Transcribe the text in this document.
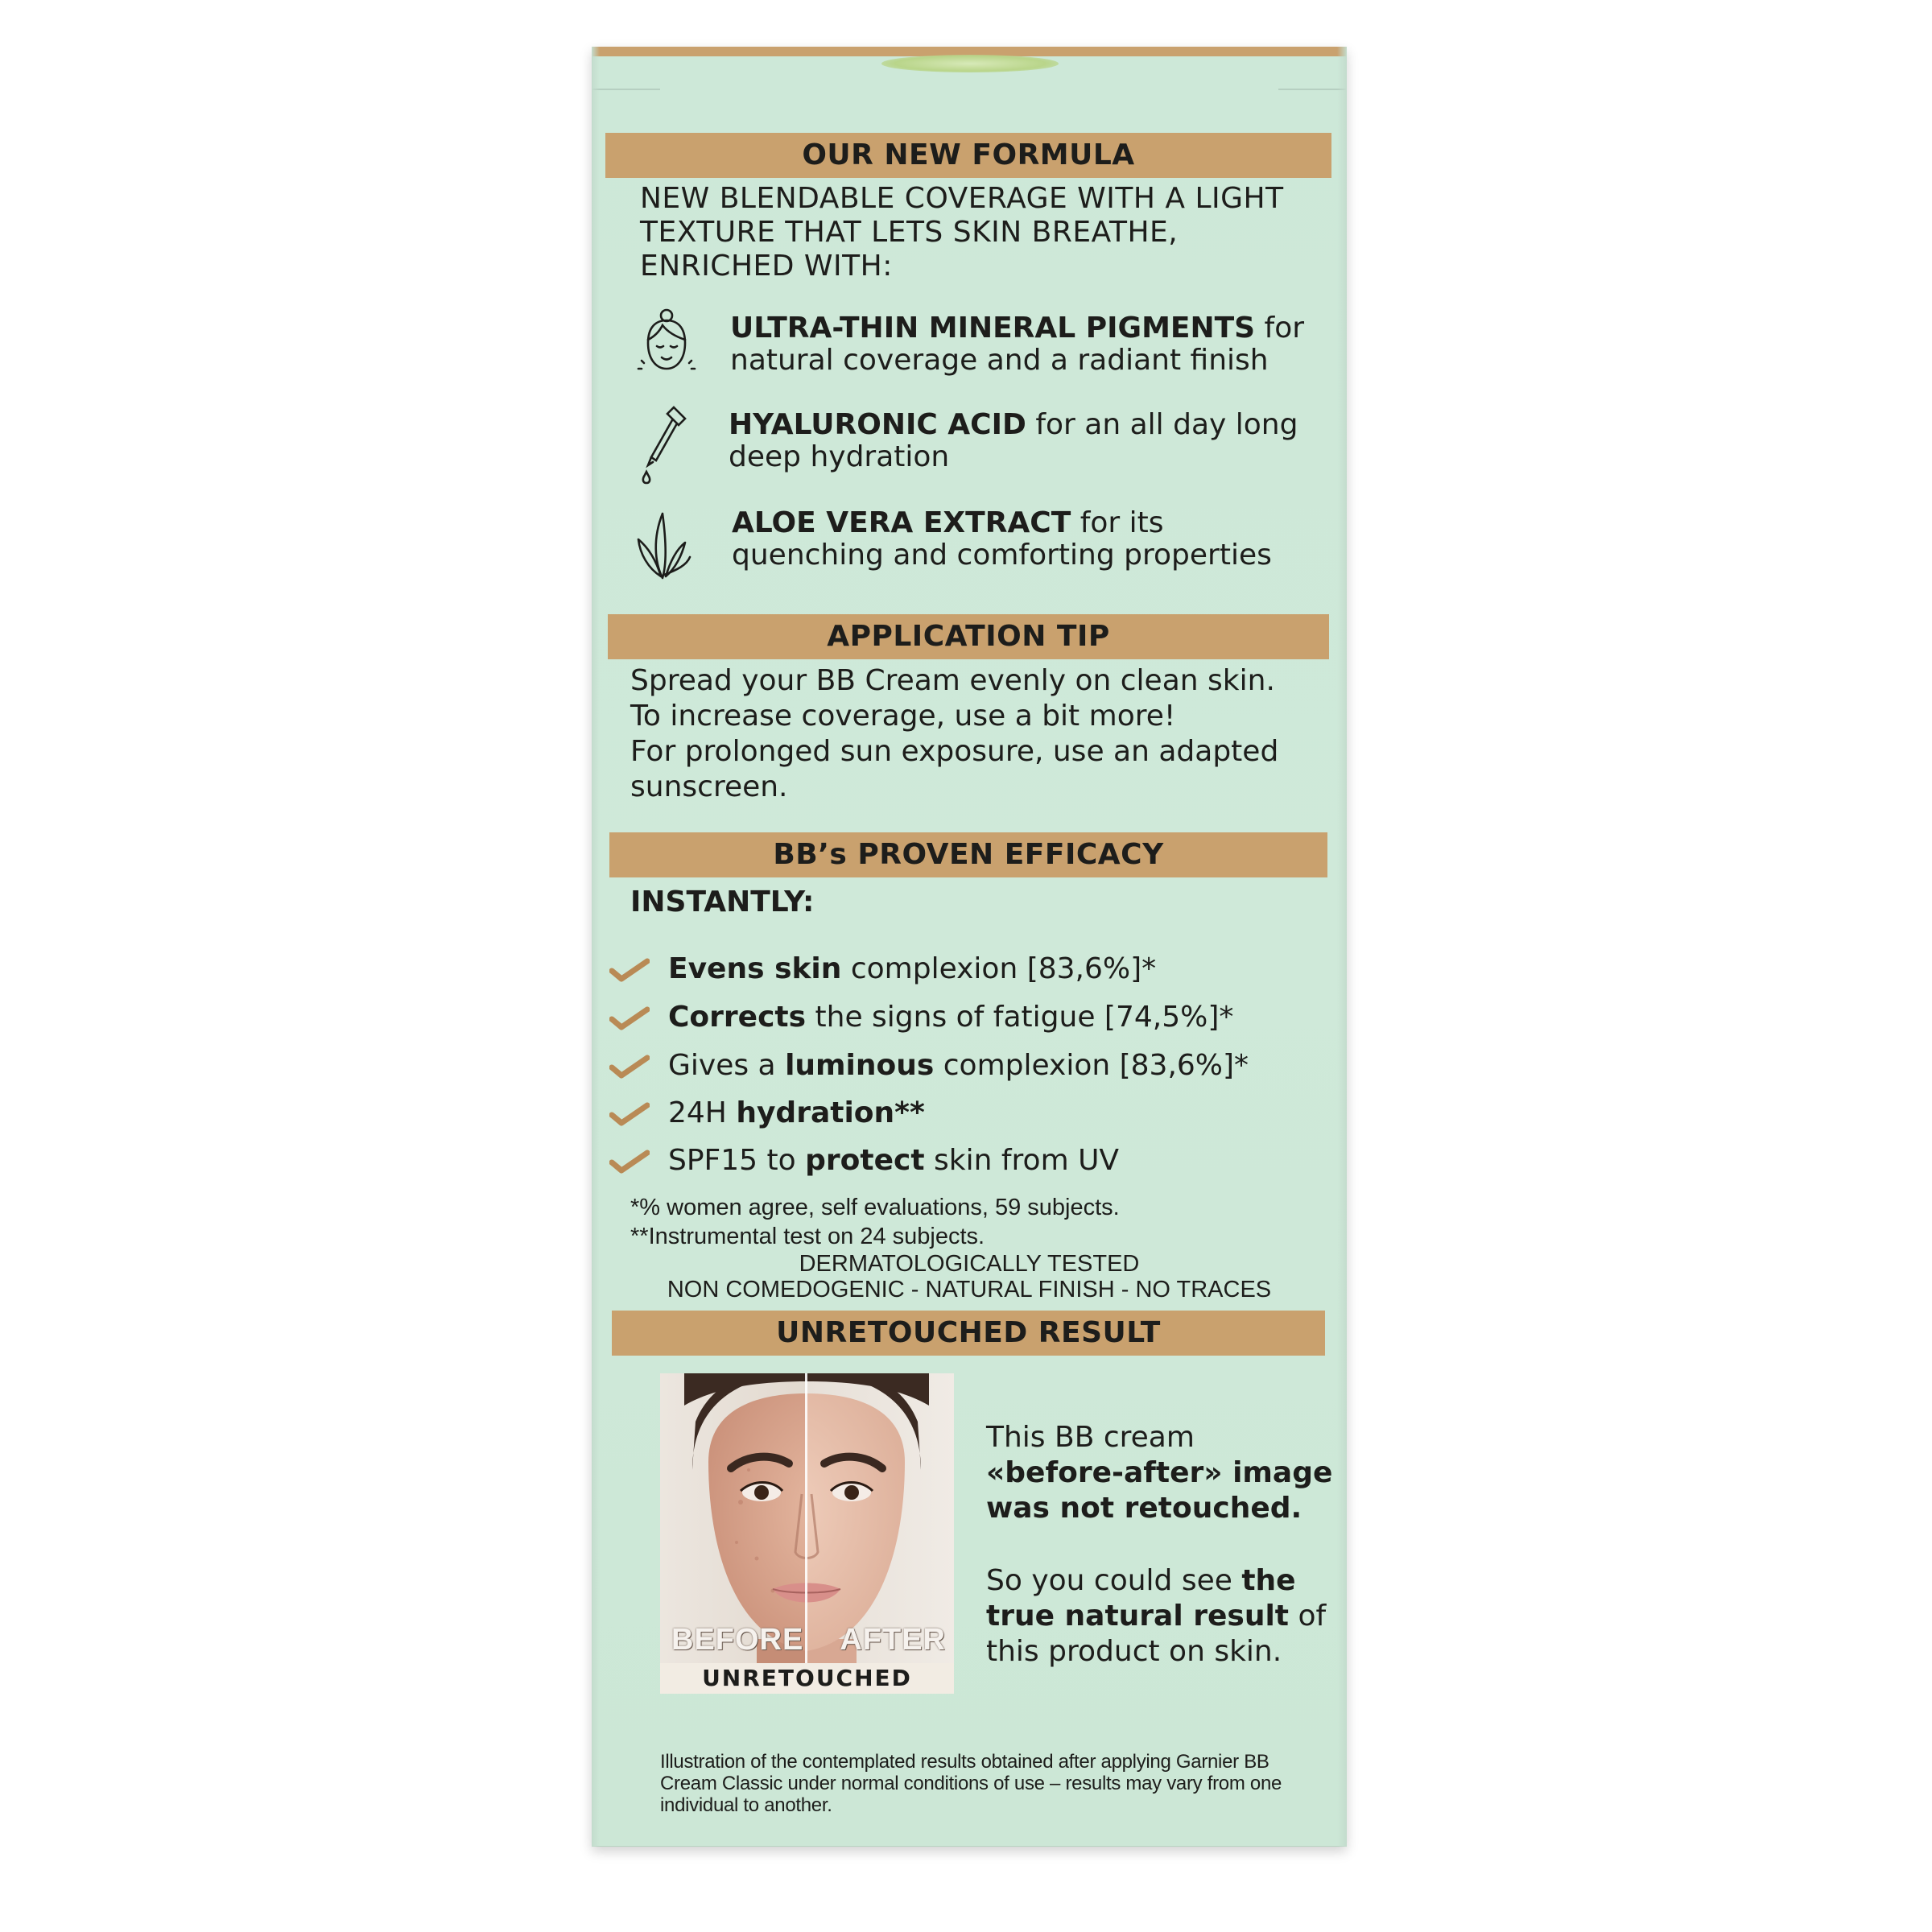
OUR NEW FORMULA
NEW BLENDABLE COVERAGE WITH A LIGHT
TEXTURE THAT LETS SKIN BREATHE,
ENRICHED WITH:
ULTRA-THIN MINERAL PIGMENTS for
natural coverage and a radiant finish
HYALURONIC ACID for an all day long
deep hydration
ALOE VERA EXTRACT for its
quenching and comforting properties
APPLICATION TIP
Spread your BB Cream evenly on clean skin.
To increase coverage, use a bit more!
For prolonged sun exposure, use an adapted
sunscreen.
BB’s PROVEN EFFICACY
INSTANTLY:
Evens skin complexion [83,6%]*
Corrects the signs of fatigue [74,5%]*
Gives a luminous complexion [83,6%]*
24H hydration**
SPF15 to protect skin from UV
*% women agree, self evaluations, 59 subjects.
**Instrumental test on 24 subjects.
DERMATOLOGICALLY TESTED
NON COMEDOGENIC - NATURAL FINISH - NO TRACES
UNRETOUCHED RESULT
BEFORE AFTER
UNRETOUCHED
This BB cream
«before-after» image
was not retouched.
So you could see the
true natural result of
this product on skin.
Illustration of the contemplated results obtained after applying Garnier BB
Cream Classic under normal conditions of use – results may vary from one
individual to another.
